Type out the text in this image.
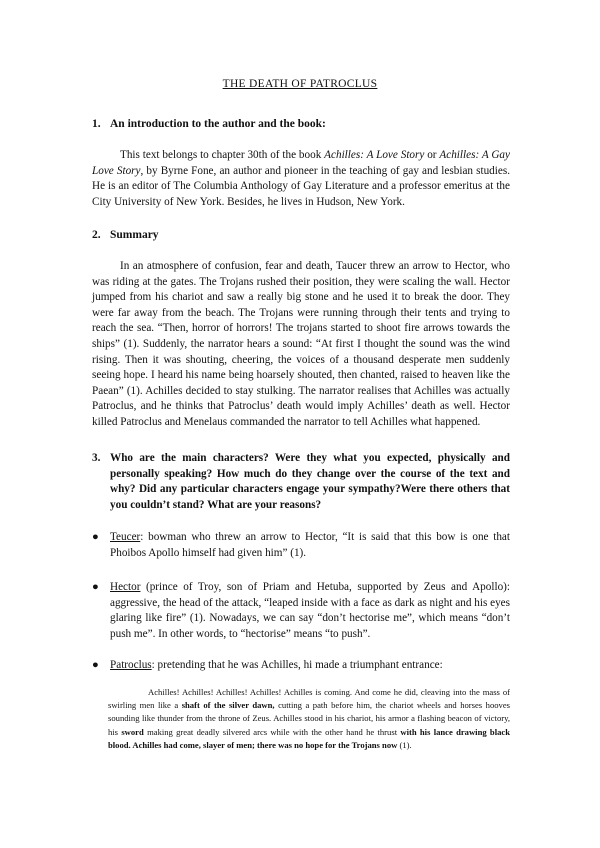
THE DEATH OF PATROCLUS
1. An introduction to the author and the book:
This text belongs to chapter 30th of the book Achilles: A Love Story or Achilles: A Gay Love Story, by Byrne Fone, an author and pioneer in the teaching of gay and lesbian studies. He is an editor of The Columbia Anthology of Gay Literature and a professor emeritus at the City University of New York. Besides, he lives in Hudson, New York.
2. Summary
In an atmosphere of confusion, fear and death, Taucer threw an arrow to Hector, who was riding at the gates. The Trojans rushed their position, they were scaling the wall. Hector jumped from his chariot and saw a really big stone and he used it to break the door. They were far away from the beach. The Trojans were running through their tents and trying to reach the sea. “Then, horror of horrors! The trojans started to shoot fire arrows towards the ships” (1). Suddenly, the narrator hears a sound: “At first I thought the sound was the wind rising. Then it was shouting, cheering, the voices of a thousand desperate men suddenly seeing hope. I heard his name being hoarsely shouted, then chanted, raised to heaven like the Paean” (1). Achilles decided to stay stulking. The narrator realises that Achilles was actually Patroclus, and he thinks that Patroclus’ death would imply Achilles’ death as well. Hector killed Patroclus and Menelaus commanded the narrator to tell Achilles what happened.
3. Who are the main characters? Were they what you expected, physically and personally speaking? How much do they change over the course of the text and why? Did any particular characters engage your sympathy?Were there others that you couldn’t stand? What are your reasons?
● Teucer: bowman who threw an arrow to Hector, “It is said that this bow is one that Phoibos Apollo himself had given him” (1).
● Hector (prince of Troy, son of Priam and Hetuba, supported by Zeus and Apollo): aggressive, the head of the attack, “leaped inside with a face as dark as night and his eyes glaring like fire” (1). Nowadays, we can say “don’t hectorise me”, which means “don’t push me”. In other words, to “hectorise” means “to push”.
● Patroclus: pretending that he was Achilles, hi made a triumphant entrance:
Achilles! Achilles! Achilles! Achilles! Achilles is coming. And come he did, cleaving into the mass of swirling men like a shaft of the silver dawn, cutting a path before him, the chariot wheels and horses hooves sounding like thunder from the throne of Zeus. Achilles stood in his chariot, his armor a flashing beacon of victory, his sword making great deadly silvered arcs while with the other hand he thrust with his lance drawing black blood. Achilles had come, slayer of men; there was no hope for the Trojans now (1).
